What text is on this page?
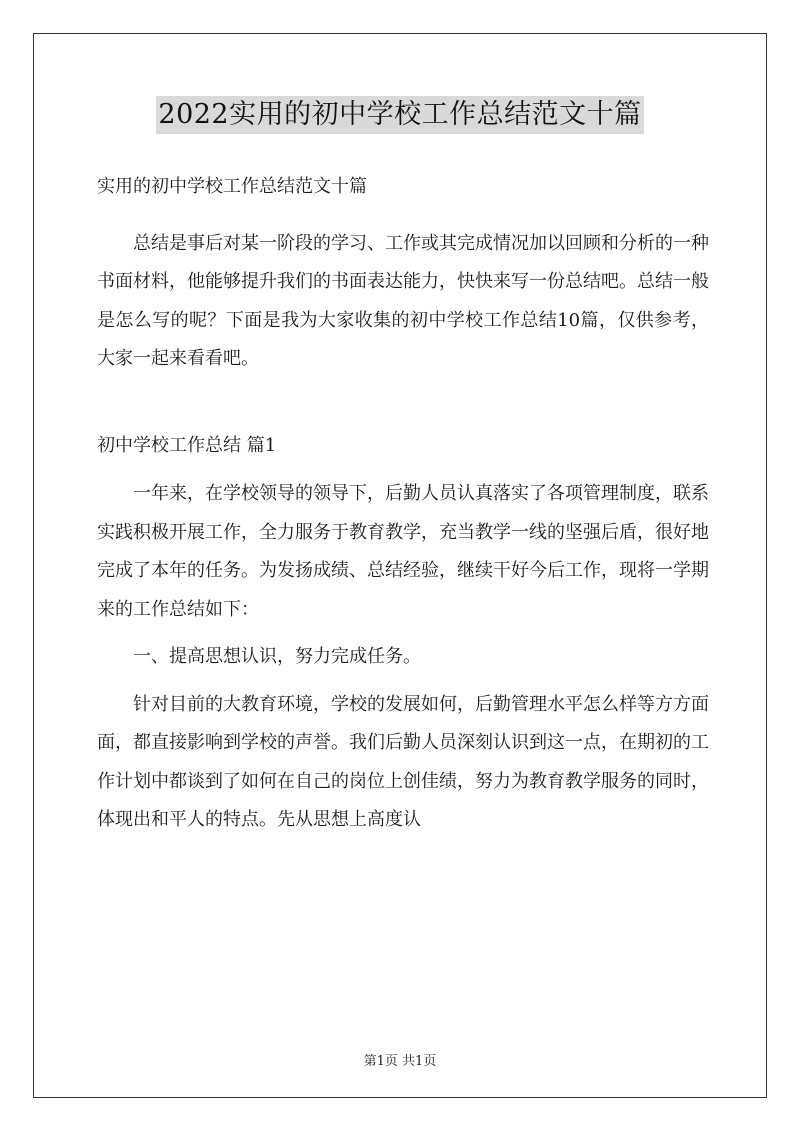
2022实用的初中学校工作总结范文十篇

实用的初中学校工作总结范文十篇

总结是事后对某一阶段的学习、工作或其完成情况加以回顾和分析的一种书面材料，他能够提升我们的书面表达能力，快快来写一份总结吧。总结一般是怎么写的呢？下面是我为大家收集的初中学校工作总结10篇，仅供参考，大家一起来看看吧。

初中学校工作总结 篇1

一年来，在学校领导的领导下，后勤人员认真落实了各项管理制度，联系实践积极开展工作，全力服务于教育教学，充当教学一线的坚强后盾，很好地完成了本年的任务。为发扬成绩、总结经验，继续干好今后工作，现将一学期来的工作总结如下：

一、提高思想认识，努力完成任务。

针对目前的大教育环境，学校的发展如何，后勤管理水平怎么样等方方面面，都直接影响到学校的声誉。我们后勤人员深刻认识到这一点，在期初的工作计划中都谈到了如何在自己的岗位上创佳绩，努力为教育教学服务的同时，体现出和平人的特点。先从思想上高度认

第1页 共1页
